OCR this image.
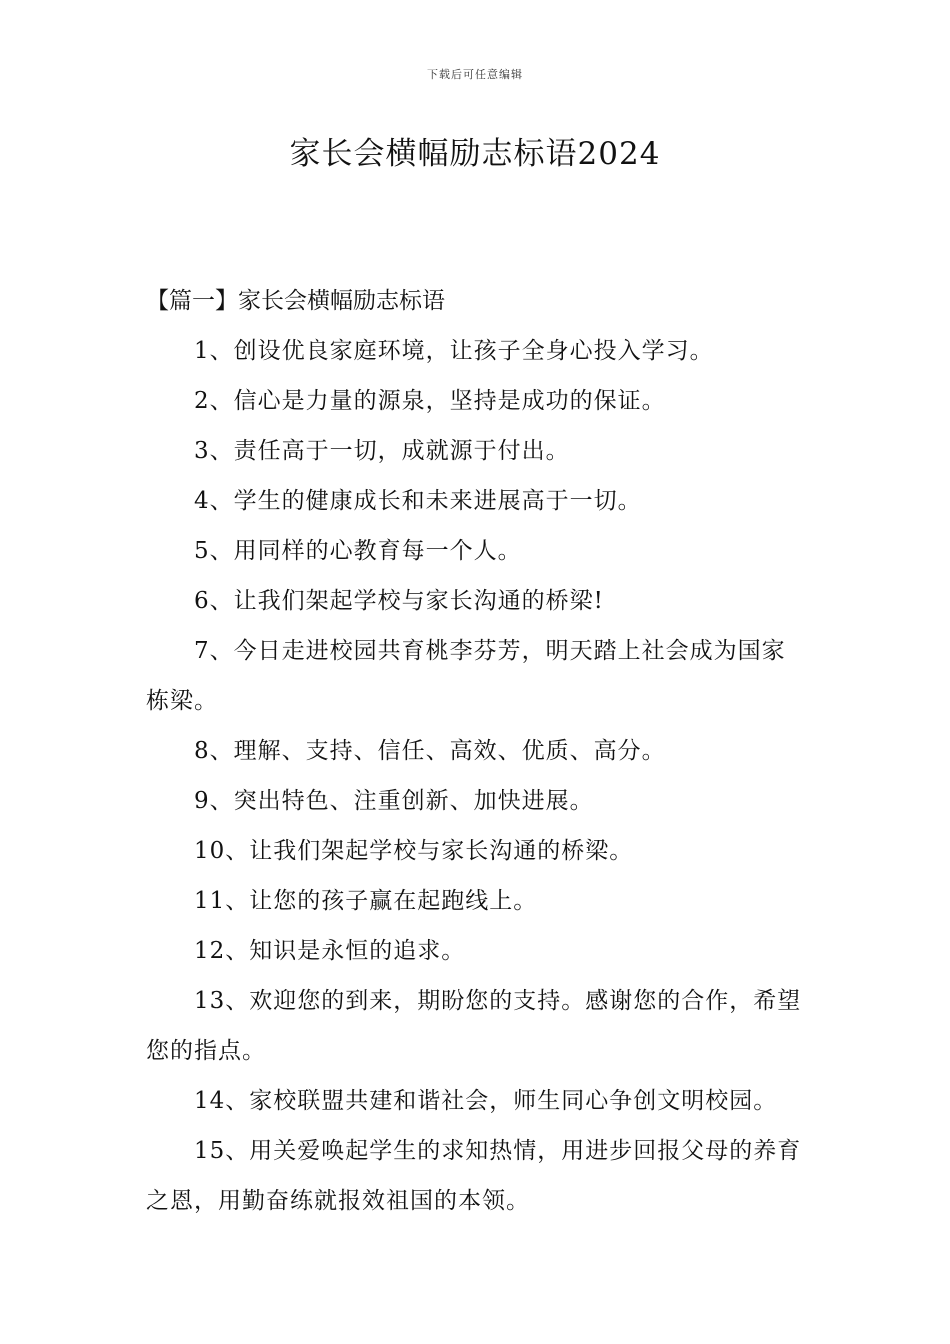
下载后可任意编辑
家长会横幅励志标语2024

【篇一】家长会横幅励志标语

1、创设优良家庭环境，让孩子全身心投入学习。

2、信心是力量的源泉，坚持是成功的保证。

3、责任高于一切，成就源于付出。

4、学生的健康成长和未来进展高于一切。

5、用同样的心教育每一个人。

6、让我们架起学校与家长沟通的桥梁!

7、今日走进校园共育桃李芬芳，明天踏上社会成为国家栋梁。

8、理解、支持、信任、高效、优质、高分。

9、突出特色、注重创新、加快进展。

10、让我们架起学校与家长沟通的桥梁。

11、让您的孩子赢在起跑线上。

12、知识是永恒的追求。

13、欢迎您的到来，期盼您的支持。感谢您的合作，希望您的指点。

14、家校联盟共建和谐社会，师生同心争创文明校园。

15、用关爱唤起学生的求知热情，用进步回报父母的养育之恩，用勤奋练就报效祖国的本领。
